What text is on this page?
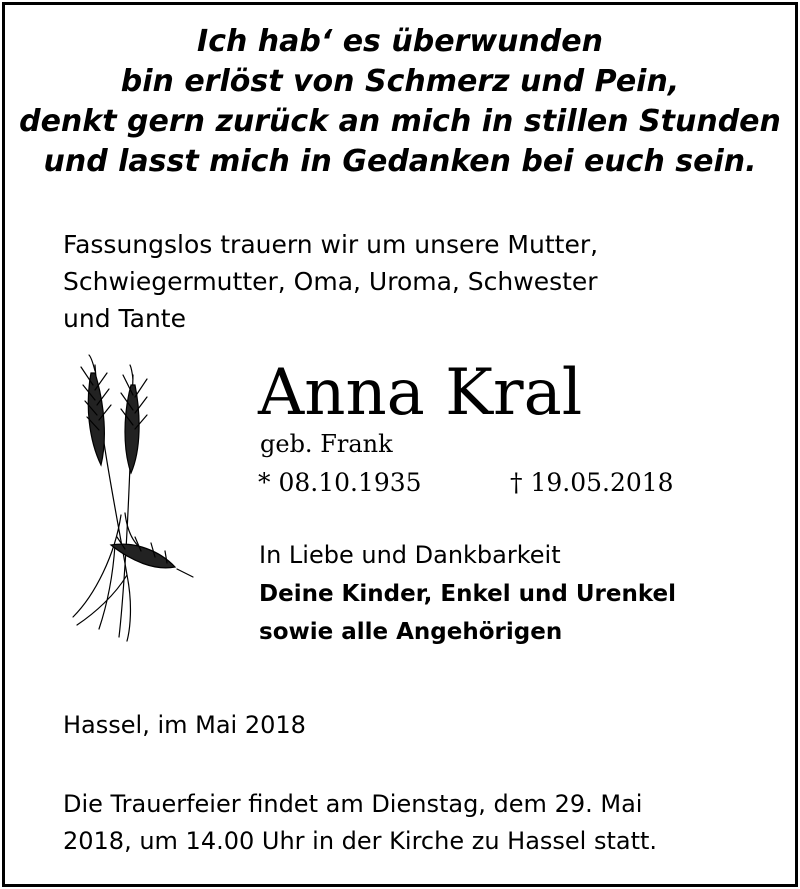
Ich hab‘ es überwunden
bin erlöst von Schmerz und Pein,
denkt gern zurück an mich in stillen Stunden
und lasst mich in Gedanken bei euch sein.
Fassungslos trauern wir um unsere Mutter,
Schwiegermutter, Oma, Uroma, Schwester
und Tante
Anna Kral
geb. Frank
* 08.10.1935	† 19.05.2018
In Liebe und Dankbarkeit
Deine Kinder, Enkel und Urenkel
sowie alle Angehörigen
Hassel, im Mai 2018
Die Trauerfeier findet am Dienstag, dem 29. Mai
2018, um 14.00 Uhr in der Kirche zu Hassel statt.
